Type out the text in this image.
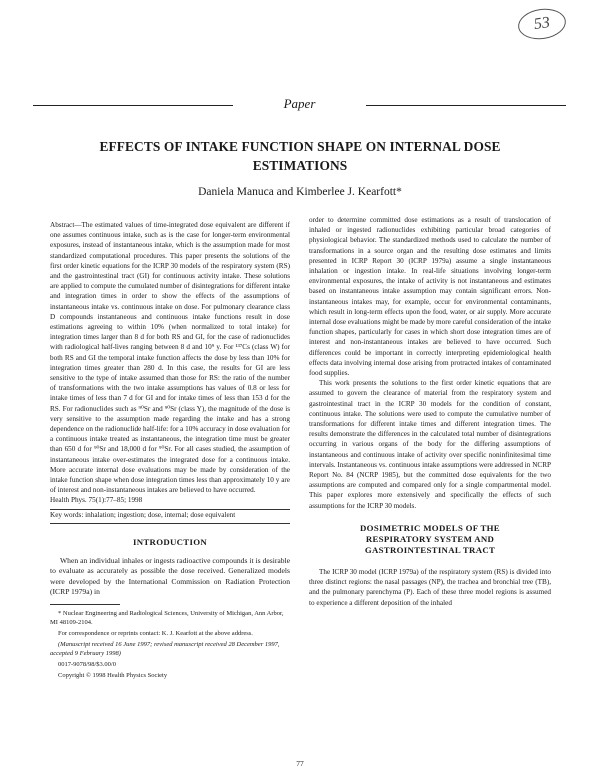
53
Paper
EFFECTS OF INTAKE FUNCTION SHAPE ON INTERNAL DOSE
ESTIMATIONS
Daniela Manuca and Kimberlee J. Kearfott*

Abstract—The estimated values of time-integrated dose equivalent are different if one assumes continuous intake, such as is the case for longer-term environmental exposures, instead of instantaneous intake, which is the assumption made for most standardized computational procedures. This paper presents the solutions of the first order kinetic equations for the ICRP 30 models of the respiratory system (RS) and the gastrointestinal tract (GI) for continuous activity intake. These solutions are applied to compute the cumulated number of disintegrations for different intake and integration times in order to show the effects of the assumptions of instantaneous intake vs. continuous intake on dose. For pulmonary clearance class D compounds instantaneous and continuous intake functions result in dose estimations agreeing to within 10% (when normalized to total intake) for integration times larger than 8 d for both RS and GI, for the case of radionuclides with radiological half-lives ranging between 8 d and 10⁹ y. For ¹³⁷Cs (class W) for both RS and GI the temporal intake function affects the dose by less than 10% for integration times greater than 280 d. In this case, the results for GI are less sensitive to the type of intake assumed than those for RS: the ratio of the number of transformations with the two intake assumptions has values of 0.8 or less for intake times of less than 7 d for GI and for intake times of less than 153 d for the RS. For radionuclides such as ⁹⁰Sr and ⁹⁰Sr (class Y), the magnitude of the dose is very sensitive to the assumption made regarding the intake and has a strong dependence on the radionuclide half-life: for a 10% accuracy in dose evaluation for a continuous intake treated as instantaneous, the integration time must be greater than 650 d for ⁹⁰Sr and 18,000 d for ⁹⁰Sr. For all cases studied, the assumption of instantaneous intake over-estimates the integrated dose for a continuous intake. More accurate internal dose evaluations may be made by consideration of the intake function shape when dose integration times less than approximately 10 y are of interest and non-instantaneous intakes are believed to have occurred.

Health Phys. 75(1):77–85; 1998

Key words: inhalation; ingestion; dose, internal; dose equivalent

INTRODUCTION

When an individual inhales or ingests radioactive compounds it is desirable to evaluate as accurately as possible the dose received. Generalized models were developed by the International Commission on Radiation Protection (ICRP 1979a) in

* Nuclear Engineering and Radiological Sciences, University of Michigan, Ann Arbor, MI 48109-2104.

For correspondence or reprints contact: K. J. Kearfott at the above address.

(Manuscript received 16 June 1997; revised manuscript received 28 December 1997, accepted 9 February 1998)

0017-9078/98/$3.00/0

Copyright © 1998 Health Physics Society

order to determine committed dose estimations as a result of translocation of inhaled or ingested radionuclides exhibiting particular broad categories of physiological behavior. The standardized methods used to calculate the number of transformations in a source organ and the resulting dose estimates and limits presented in ICRP Report 30 (ICRP 1979a) assume a single instantaneous inhalation or ingestion intake. In real-life situations involving longer-term environmental exposures, the intake of activity is not instantaneous and estimates based on instantaneous intake assumption may contain significant errors. Non-instantaneous intakes may, for example, occur for environmental contaminants, which result in long-term effects upon the food, water, or air supply. More accurate internal dose evaluations might be made by more careful consideration of the intake function shapes, particularly for cases in which short dose integration times are of interest and non-instantaneous intakes are believed to have occurred. Such differences could be important in correctly interpreting epidemiological health effects data involving internal dose arising from protracted intakes of contaminated food supplies.

This work presents the solutions to the first order kinetic equations that are assumed to govern the clearance of material from the respiratory system and gastrointestinal tract in the ICRP 30 models for the condition of constant, continuous intake. The solutions were used to compute the cumulative number of transformations for different intake times and different integration times. The results demonstrate the differences in the calculated total number of disintegrations occurring in various organs of the body for the differing assumptions of instantaneous and continuous intake of activity over specific noninfinitesimal time intervals. Instantaneous vs. continuous intake assumptions were addressed in NCRP Report No. 84 (NCRP 1985), but the committed dose equivalents for the two assumptions are computed and compared only for a single compartmental model. This paper explores more extensively and specifically the effects of such assumptions for the ICRP 30 models.

DOSIMETRIC MODELS OF THE
RESPIRATORY SYSTEM AND
GASTROINTESTINAL TRACT

The ICRP 30 model (ICRP 1979a) of the respiratory system (RS) is divided into three distinct regions: the nasal passages (NP), the trachea and bronchial tree (TB), and the pulmonary parenchyma (P). Each of these three model regions is assumed to experience a different deposition of the inhaled

77
